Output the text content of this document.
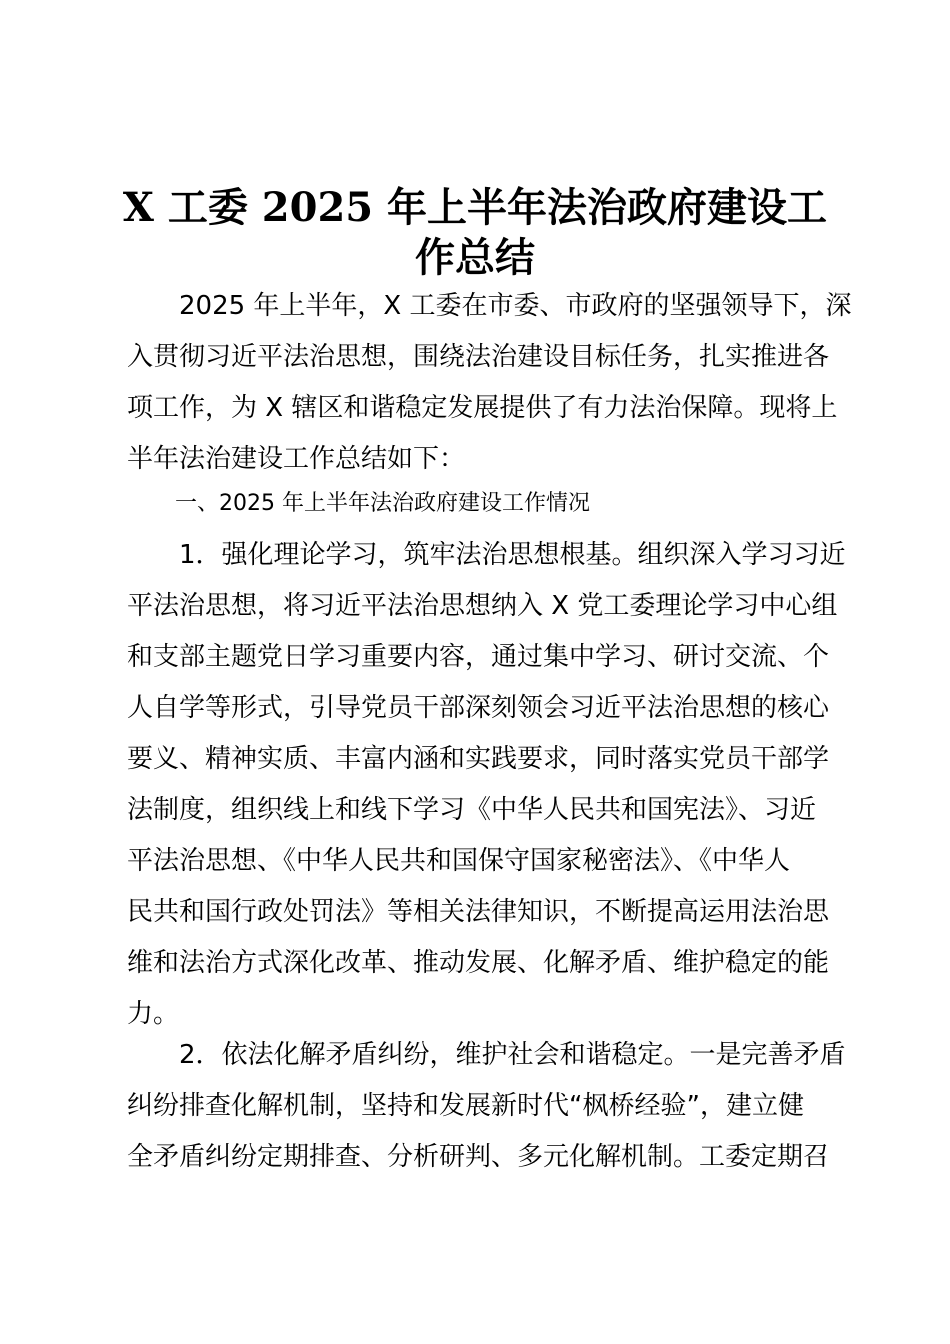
X 工委 2025 年上半年法治政府建设工
作总结
　　2025 年上半年，X 工委在市委、市政府的坚强领导下，深
入贯彻习近平法治思想，围绕法治建设目标任务，扎实推进各
项工作，为 X 辖区和谐稳定发展提供了有力法治保障。现将上
半年法治建设工作总结如下：
一、2025 年上半年法治政府建设工作情况
　　1．强化理论学习，筑牢法治思想根基。组织深入学习习近
平法治思想，将习近平法治思想纳入 X 党工委理论学习中心组
和支部主题党日学习重要内容，通过集中学习、研讨交流、个
人自学等形式，引导党员干部深刻领会习近平法治思想的核心
要义、精神实质、丰富内涵和实践要求，同时落实党员干部学
法制度，组织线上和线下学习《中华人民共和国宪法》、习近
平法治思想、《中华人民共和国保守国家秘密法》、《中华人
民共和国行政处罚法》等相关法律知识，不断提高运用法治思
维和法治方式深化改革、推动发展、化解矛盾、维护稳定的能
力。
　　2．依法化解矛盾纠纷，维护社会和谐稳定。一是完善矛盾
纠纷排查化解机制，坚持和发展新时代“枫桥经验”，建立健
全矛盾纠纷定期排查、分析研判、多元化解机制。工委定期召
